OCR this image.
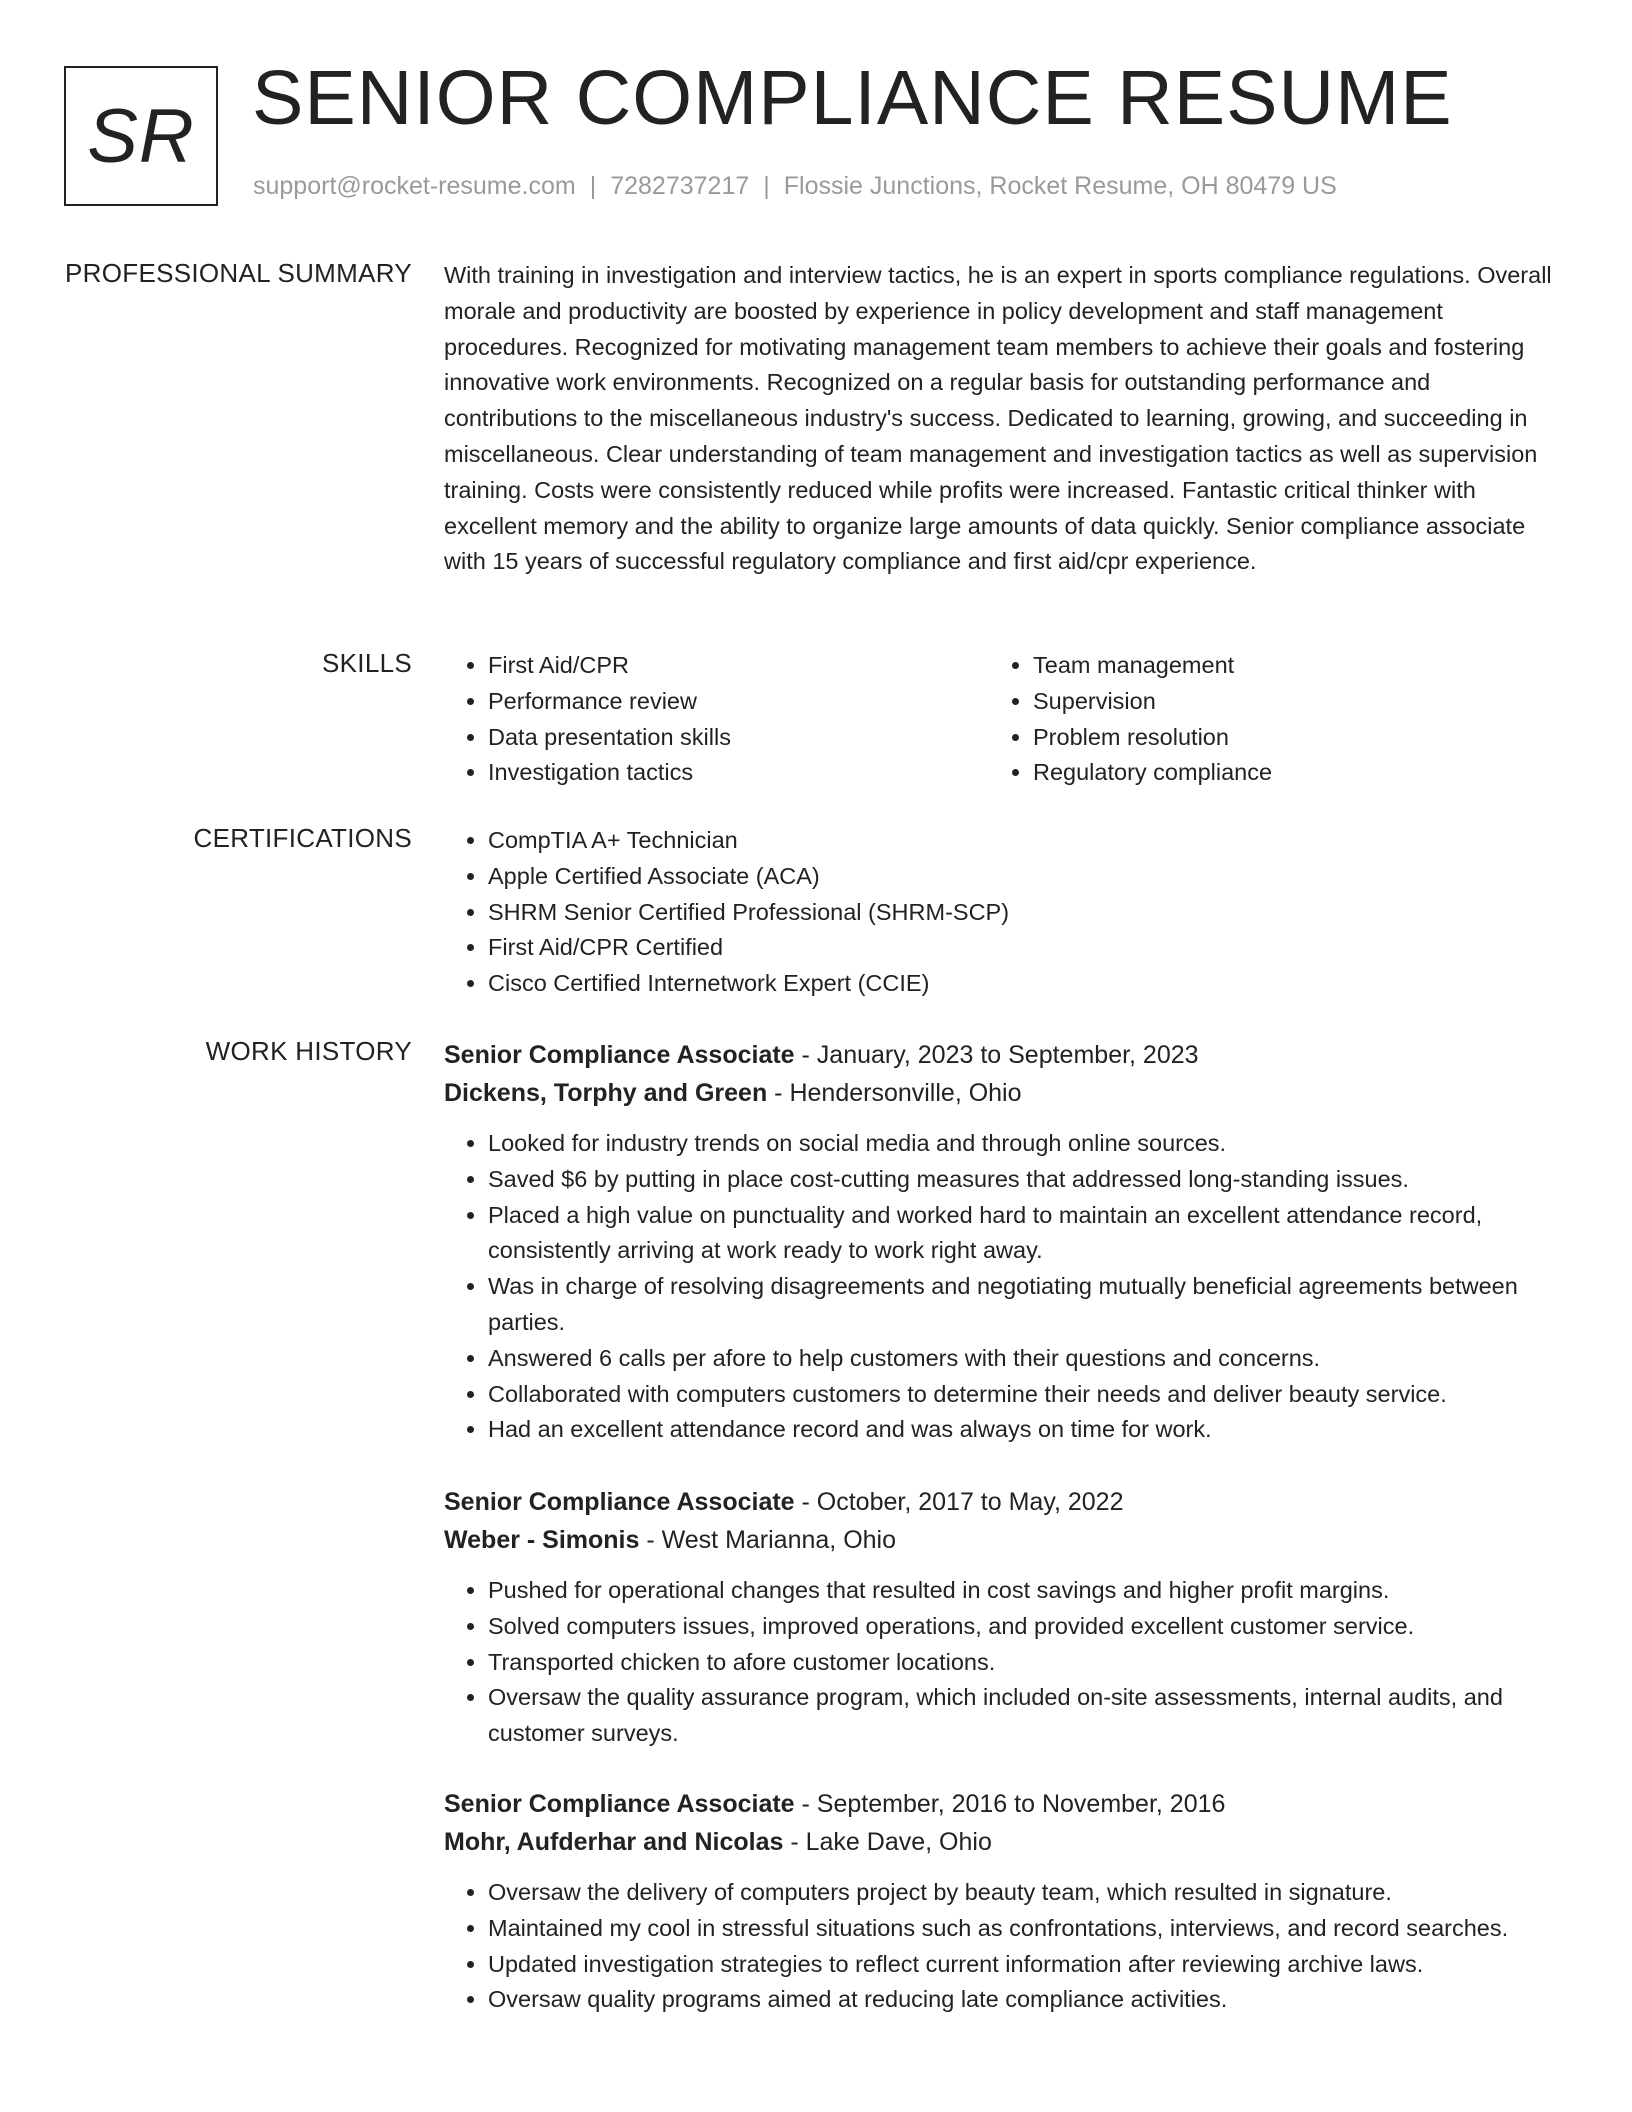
SR SENIOR COMPLIANCE RESUME
support@rocket-resume.com | 7282737217 | Flossie Junctions, Rocket Resume, OH 80479 US
PROFESSIONAL SUMMARY With training in investigation and interview tactics, he is an expert in sports compliance regulations. Overall morale and productivity are boosted by experience in policy development and staff management procedures. Recognized for motivating management team members to achieve their goals and fostering innovative work environments. Recognized on a regular basis for outstanding performance and contributions to the miscellaneous industry's success. Dedicated to learning, growing, and succeeding in miscellaneous. Clear understanding of team management and investigation tactics as well as supervision training. Costs were consistently reduced while profits were increased. Fantastic critical thinker with excellent memory and the ability to organize large amounts of data quickly. Senior compliance associate with 15 years of successful regulatory compliance and first aid/cpr experience.

SKILLS	• First Aid/CPR
• Performance review
• Data presentation skills
• Investigation tactics
• Team management
• Supervision
• Problem resolution
• Regulatory compliance
CERTIFICATIONS	• CompTIA A+ Technician
• Apple Certified Associate (ACA)
• SHRM Senior Certified Professional (SHRM-SCP)
• First Aid/CPR Certified
• Cisco Certified Internetwork Expert (CCIE)
WORK HISTORY Senior Compliance Associate - January, 2023 to September, 2023
Dickens, Torphy and Green - Hendersonville, Ohio
• Looked for industry trends on social media and through online sources.
• Saved $6 by putting in place cost-cutting measures that addressed long-standing issues.
• Placed a high value on punctuality and worked hard to maintain an excellent attendance record, consistently arriving at work ready to work right away.
• Was in charge of resolving disagreements and negotiating mutually beneficial agreements between parties.
• Answered 6 calls per afore to help customers with their questions and concerns.
• Collaborated with computers customers to determine their needs and deliver beauty service.
• Had an excellent attendance record and was always on time for work.
Senior Compliance Associate - October, 2017 to May, 2022
Weber - Simonis - West Marianna, Ohio
• Pushed for operational changes that resulted in cost savings and higher profit margins.
• Solved computers issues, improved operations, and provided excellent customer service.
• Transported chicken to afore customer locations.
• Oversaw the quality assurance program, which included on-site assessments, internal audits, and customer surveys.
Senior Compliance Associate - September, 2016 to November, 2016
Mohr, Aufderhar and Nicolas - Lake Dave, Ohio
• Oversaw the delivery of computers project by beauty team, which resulted in signature.
• Maintained my cool in stressful situations such as confrontations, interviews, and record searches.
• Updated investigation strategies to reflect current information after reviewing archive laws.
• Oversaw quality programs aimed at reducing late compliance activities.
